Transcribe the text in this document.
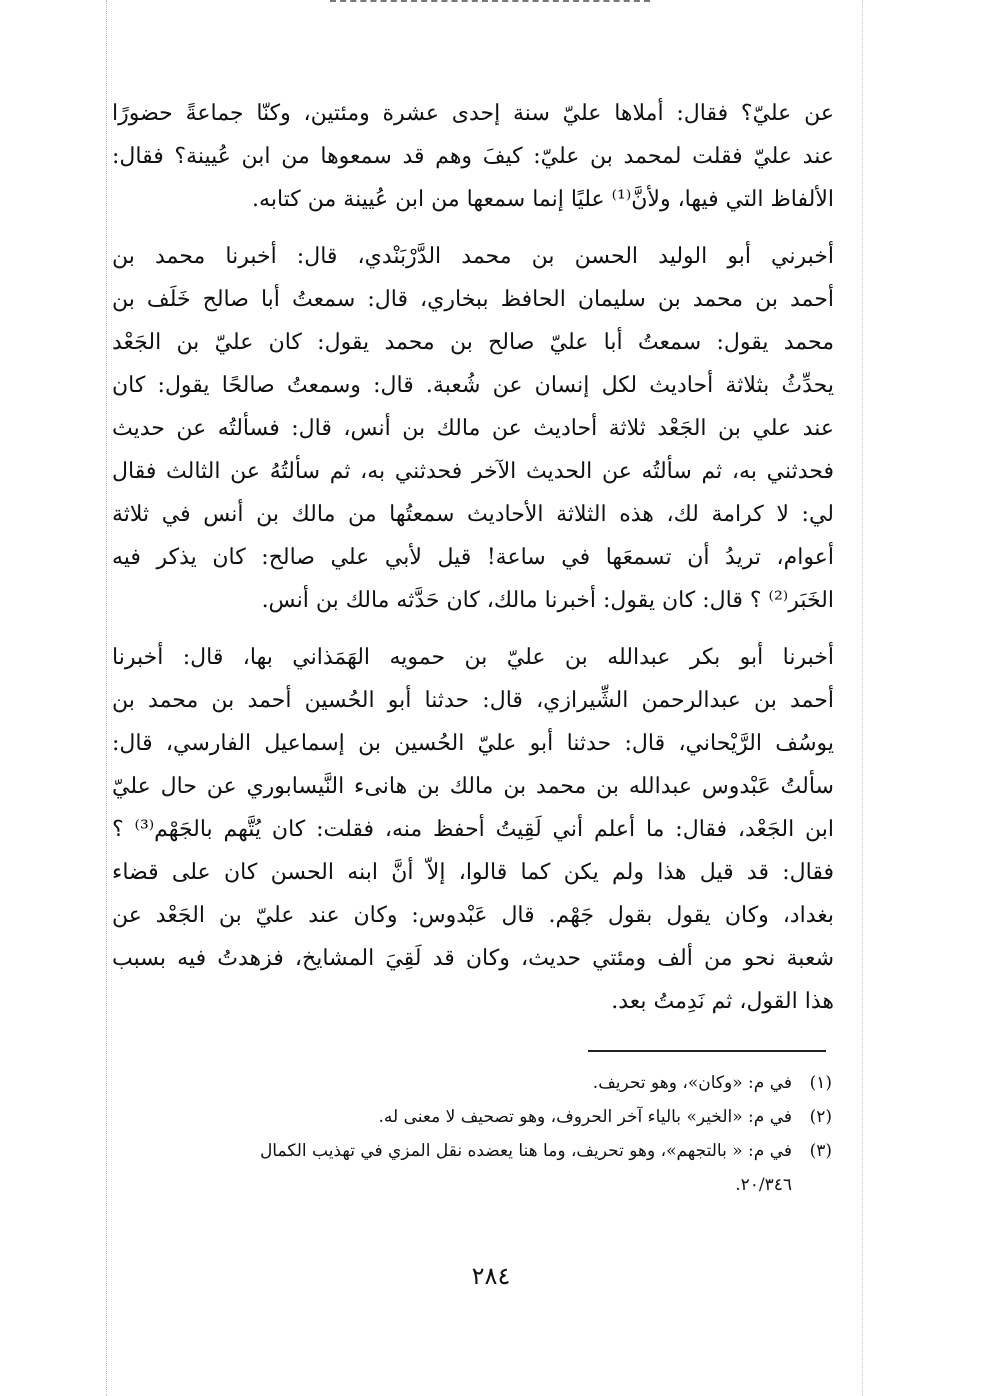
عن عليّ؟ فقال: أملاها عليّ سنة إحدى عشرة ومئتين، وكنّا جماعةً حضورًا
عند عليّ فقلت لمحمد بن عليّ: كيفَ وهم قد سمعوها من ابن عُيينة؟ فقال:
الألفاظ التي فيها، ولأنَّ⁽¹⁾ عليًا إنما سمعها من ابن عُيينة من كتابه.
أخبرني أبو الوليد الحسن بن محمد الدَّرْبَنْدي، قال: أخبرنا محمد بن
أحمد بن محمد بن سليمان الحافظ ببخاري، قال: سمعتُ أبا صالح خَلَف بن
محمد يقول: سمعتُ أبا عليّ صالح بن محمد يقول: كان عليّ بن الجَعْد
يحدِّثُ بثلاثة أحاديث لكل إنسان عن شُعبة. قال: وسمعتُ صالحًا يقول: كان
عند علي بن الجَعْد ثلاثة أحاديث عن مالك بن أنس، قال: فسألتُه عن حديث
فحدثني به، ثم سألتُه عن الحديث الآخر فحدثني به، ثم سألتُهُ عن الثالث فقال
لي: لا كرامة لك، هذه الثلاثة الأحاديث سمعتُها من مالك بن أنس في ثلاثة
أعوام، تريدُ أن تسمعَها في ساعة! قيل لأبي علي صالح: كان يذكر فيه
الخَبَر⁽²⁾ ؟ قال: كان يقول: أخبرنا مالك، كان حَدَّثه مالك بن أنس.
أخبرنا أبو بكر عبدالله بن عليّ بن حمويه الهَمَذاني بها، قال: أخبرنا
أحمد بن عبدالرحمن الشِّيرازي، قال: حدثنا أبو الحُسين أحمد بن محمد بن
يوسُف الرَّيْحاني، قال: حدثنا أبو عليّ الحُسين بن إسماعيل الفارسي، قال:
سألتُ عَبْدوس عبدالله بن محمد بن مالك بن هانىء النَّيسابوري عن حال عليّ
ابن الجَعْد، فقال: ما أعلم أني لَقِيتُ أحفظ منه، فقلت: كان يُتَّهم بالجَهْم⁽³⁾ ؟
فقال: قد قيل هذا ولم يكن كما قالوا، إلاّ أنَّ ابنه الحسن كان على قضاء
بغداد، وكان يقول بقول جَهْم. قال عَبْدوس: وكان عند عليّ بن الجَعْد عن
شعبة نحو من ألف ومئتي حديث، وكان قد لَقِيَ المشايخ، فزهدتُ فيه بسبب
هذا القول، ثم نَدِمتُ بعد.
(١)
في م: «وكان»، وهو تحريف.
(٢)
في م: «الخير» بالياء آخر الحروف، وهو تصحيف لا معنى له.
(٣)
في م: « بالتجهم»، وهو تحريف، وما هنا يعضده نقل المزي في تهذيب الكمال
٢٠/٣٤٦.
٢٨٤
